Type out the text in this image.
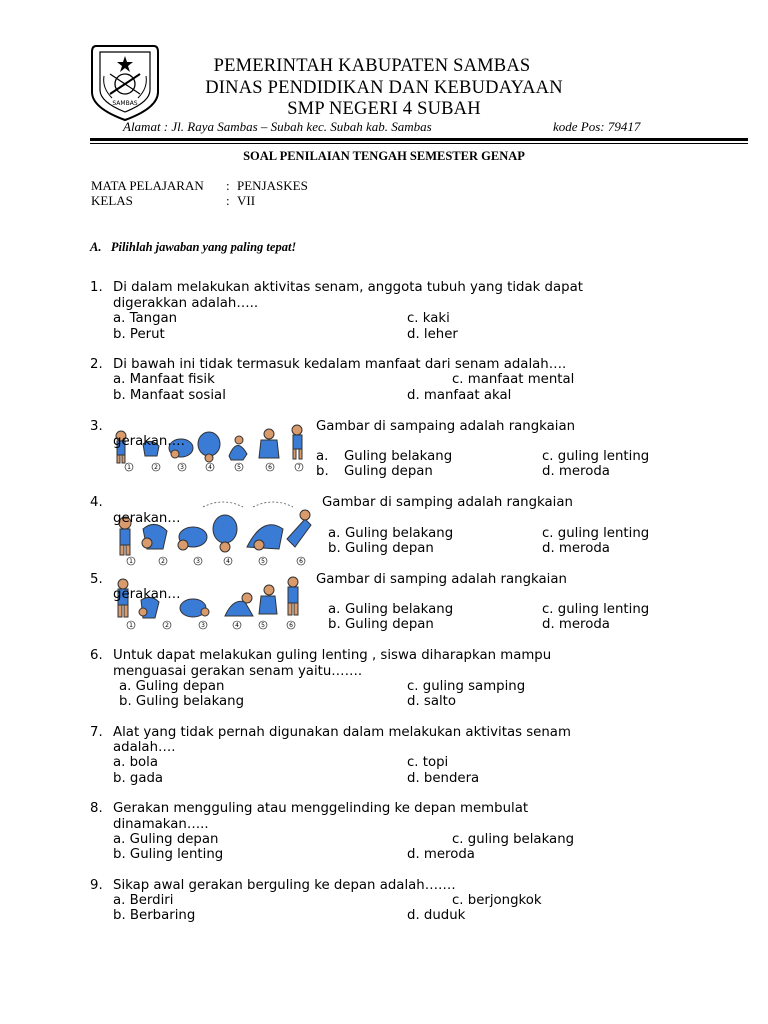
SAMBAS
PEMERINTAH KABUPATEN SAMBAS
DINAS PENDIDIKAN DAN KEBUDAYAAN
SMP NEGERI 4 SUBAH
Alamat : Jl. Raya Sambas – Subah kec. Subah kab. Sambas	kode Pos: 79417
SOAL PENILAIAN TENGAH SEMESTER GENAP
MATA PELAJARAN : PENJASKES
KELAS	: VII
A. Pilihlah jawaban yang paling tepat!
1. Di dalam melakukan aktivitas senam, anggota tubuh yang tidak dapat
digerakkan adalah…..
a. Tangan
b. Perut
c. kaki
d. leher
2. Di bawah ini tidak termasuk kedalam manfaat dari senam adalah….
a. Manfaat fisik
b. Manfaat sosial
c. manfaat mental
d. manfaat akal
3.
1	2	3	4	5	6	7
Gambar di sampaing adalah rangkaian
gerakan….
a. Guling belakang
b. Guling depan
c. guling lenting
d. meroda
4.
1	2	3	4	5	6
Gambar di samping adalah rangkaian
gerakan…
a. Guling belakang
b. Guling depan
c. guling lenting
d. meroda
5.
1	2	3	4	5	6
Gambar di samping adalah rangkaian
gerakan…
a. Guling belakang
b. Guling depan
c. guling lenting
d. meroda
6. Untuk dapat melakukan guling lenting , siswa diharapkan mampu
menguasai gerakan senam yaitu…….
a. Guling depan
b. Guling belakang
c. guling samping
d. salto
7. Alat yang tidak pernah digunakan dalam melakukan aktivitas senam
adalah….
a. bola
b. gada
c. topi
d. bendera
8. Gerakan mengguling atau menggelinding ke depan membulat
dinamakan…..
a. Guling depan
b. Guling lenting
c. guling belakang
d. meroda
9. Sikap awal gerakan berguling ke depan adalah…….
a. Berdiri
b. Berbaring
c. berjongkok
d. duduk
